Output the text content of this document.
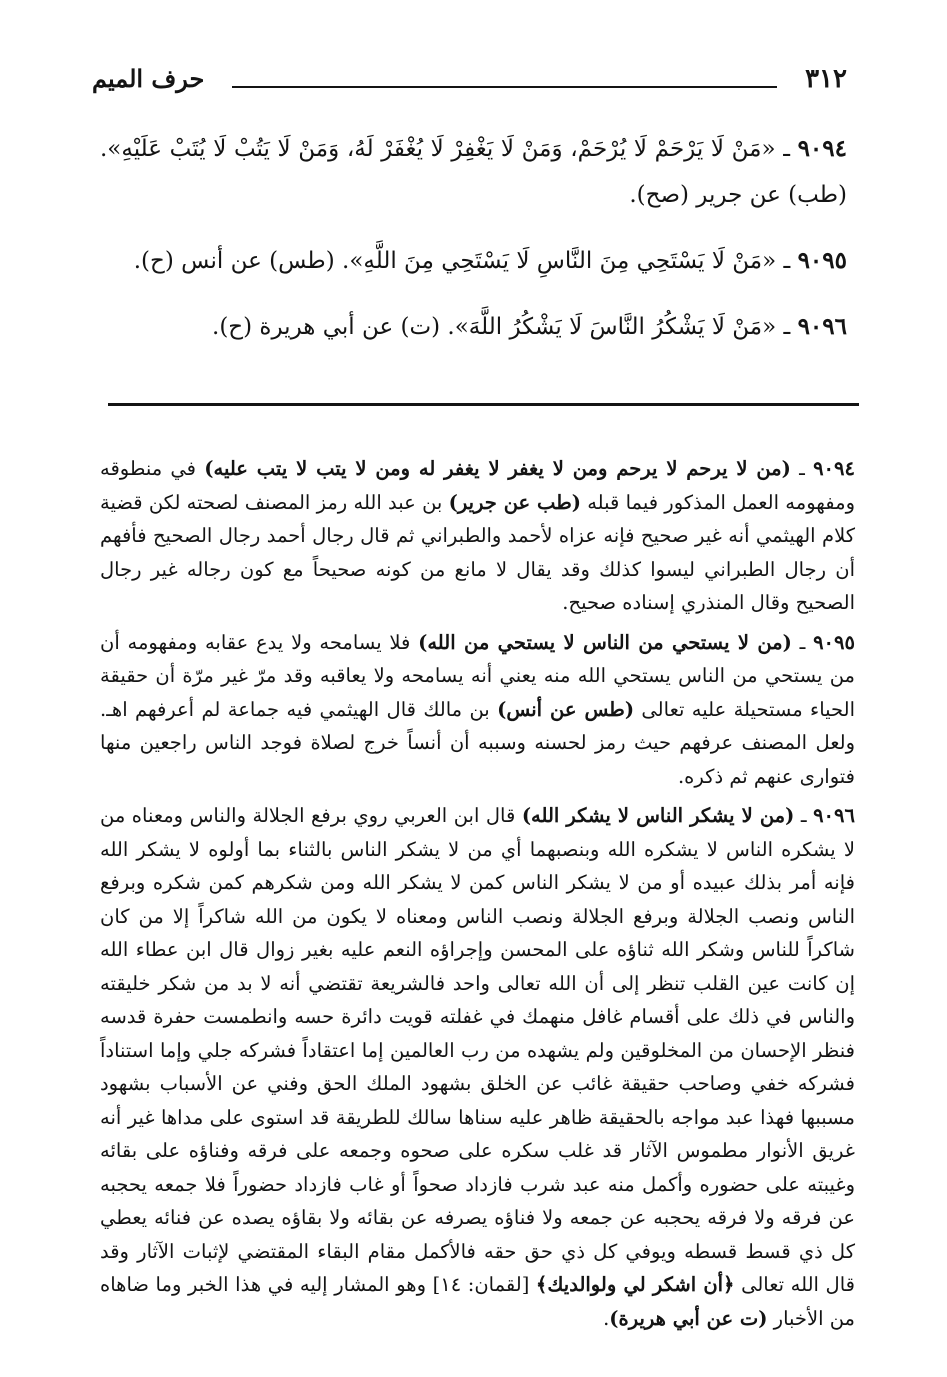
٣١٢
حرف الميم

٩٠٩٤ ـ «مَنْ لَا يَرْحَمْ لَا يُرْحَمْ، وَمَنْ لَا يَغْفِرْ لَا يُغْفَرْ لَهُ، وَمَنْ لَا يَتُبْ لَا يُتَبْ عَلَيْهِ». (طب) عن جرير (صح).

٩٠٩٥ ـ «مَنْ لَا يَسْتَحِي مِنَ النَّاسِ لَا يَسْتَحِي مِنَ اللَّهِ». (طس) عن أنس (ح).

٩٠٩٦ ـ «مَنْ لَا يَشْكُرُ النَّاسَ لَا يَشْكُرُ اللَّهَ». (ت) عن أبي هريرة (ح).

٩٠٩٤ ـ (من لا يرحم لا يرحم ومن لا يغفر لا يغفر له ومن لا يتب لا يتب عليه) في منطوقه ومفهومه العمل المذكور فيما قبله (طب عن جرير) بن عبد الله رمز المصنف لصحته لكن قضية كلام الهيثمي أنه غير صحيح فإنه عزاه لأحمد والطبراني ثم قال رجال أحمد رجال الصحيح فأفهم أن رجال الطبراني ليسوا كذلك وقد يقال لا مانع من كونه صحيحاً مع كون رجاله غير رجال الصحيح وقال المنذري إسناده صحيح.

٩٠٩٥ ـ (من لا يستحي من الناس لا يستحي من الله) فلا يسامحه ولا يدع عقابه ومفهومه أن من يستحي من الناس يستحي الله منه يعني أنه يسامحه ولا يعاقبه وقد مرّ غير مرّة أن حقيقة الحياء مستحيلة عليه تعالى (طس عن أنس) بن مالك قال الهيثمي فيه جماعة لم أعرفهم اهـ. ولعل المصنف عرفهم حيث رمز لحسنه وسببه أن أنساً خرج لصلاة فوجد الناس راجعين منها فتوارى عنهم ثم ذكره.

٩٠٩٦ ـ (من لا يشكر الناس لا يشكر الله) قال ابن العربي روي برفع الجلالة والناس ومعناه من لا يشكره الناس لا يشكره الله وبنصبهما أي من لا يشكر الناس بالثناء بما أولوه لا يشكر الله فإنه أمر بذلك عبيده أو من لا يشكر الناس كمن لا يشكر الله ومن شكرهم كمن شكره وبرفع الناس ونصب الجلالة وبرفع الجلالة ونصب الناس ومعناه لا يكون من الله شاكراً إلا من كان شاكراً للناس وشكر الله ثناؤه على المحسن وإجراؤه النعم عليه بغير زوال قال ابن عطاء الله إن كانت عين القلب تنظر إلى أن الله تعالى واحد فالشريعة تقتضي أنه لا بد من شكر خليقته والناس في ذلك على أقسام غافل منهمك في غفلته قويت دائرة حسه وانطمست حفرة قدسه فنظر الإحسان من المخلوقين ولم يشهده من رب العالمين إما اعتقاداً فشركه جلي وإما استناداً فشركه خفي وصاحب حقيقة غائب عن الخلق بشهود الملك الحق وفني عن الأسباب بشهود مسببها فهذا عبد مواجه بالحقيقة ظاهر عليه سناها سالك للطريقة قد استوى على مداها غير أنه غريق الأنوار مطموس الآثار قد غلب سكره على صحوه وجمعه على فرقه وفناؤه على بقائه وغيبته على حضوره وأكمل منه عبد شرب فازداد صحواً أو غاب فازداد حضوراً فلا جمعه يحجبه عن فرقه ولا فرقه يحجبه عن جمعه ولا فناؤه يصرفه عن بقائه ولا بقاؤه يصده عن فنائه يعطي كل ذي قسط قسطه ويوفي كل ذي حق حقه فالأكمل مقام البقاء المقتضي لإثبات الآثار وقد قال الله تعالى ﴿أن اشكر لي ولوالديك﴾ [لقمان: ١٤] وهو المشار إليه في هذا الخبر وما ضاهاه من الأخبار (ت عن أبي هريرة).
